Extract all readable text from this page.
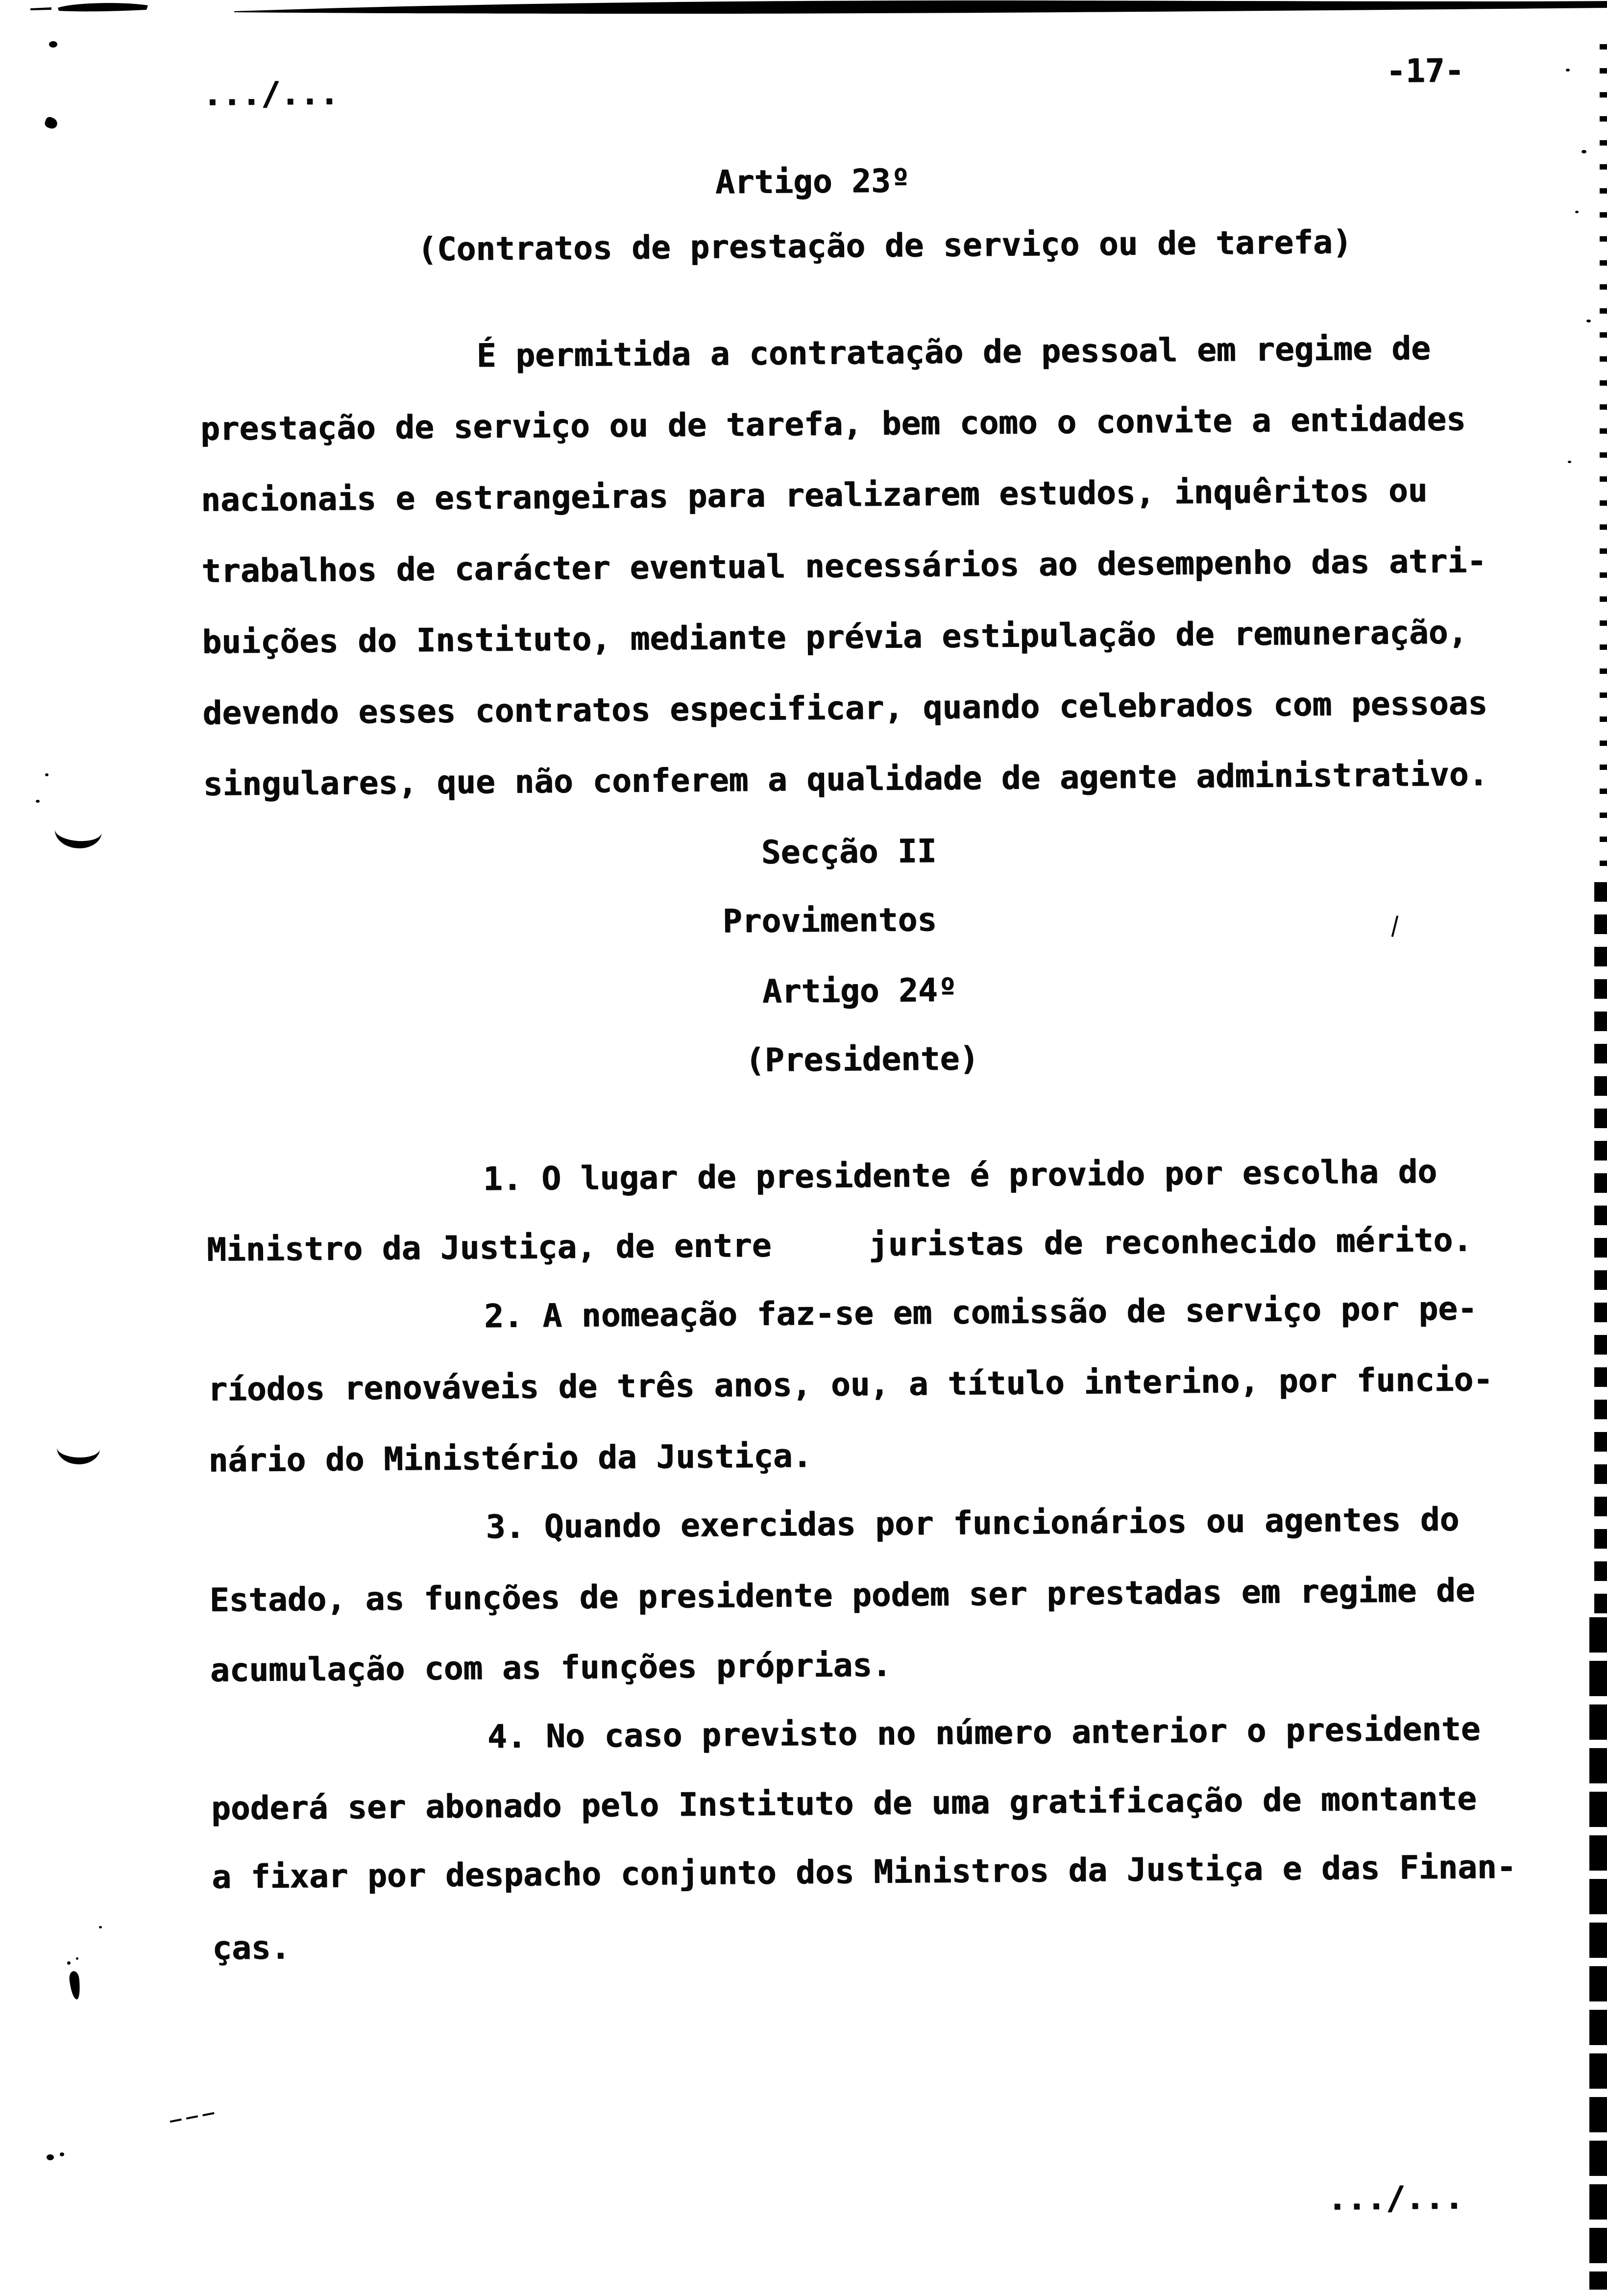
.../...
-17-
Artigo 23º
(Contratos de prestação de serviço ou de tarefa)
É permitida a contratação de pessoal em regime de
prestação de serviço ou de tarefa, bem como o convite a entidades
nacionais e estrangeiras para realizarem estudos, inquêritos ou
trabalhos de carácter eventual necessários ao desempenho das atri-
buições do Instituto, mediante prévia estipulação de remuneração,
devendo esses contratos especificar, quando celebrados com pessoas
singulares, que não conferem a qualidade de agente administrativo.
Secção II
Provimentos
Artigo 24º
(Presidente)
1. O lugar de presidente é provido por escolha do
Ministro da Justiça, de entre     juristas de reconhecido mérito.
2. A nomeação faz-se em comissão de serviço por pe-
ríodos renováveis de três anos, ou, a título interino, por funcio-
nário do Ministério da Justiça.
3. Quando exercidas por funcionários ou agentes do
Estado, as funções de presidente podem ser prestadas em regime de
acumulação com as funções próprias.
4. No caso previsto no número anterior o presidente
poderá ser abonado pelo Instituto de uma gratificação de montante
a fixar por despacho conjunto dos Ministros da Justiça e das Finan-
ças.
.../...
